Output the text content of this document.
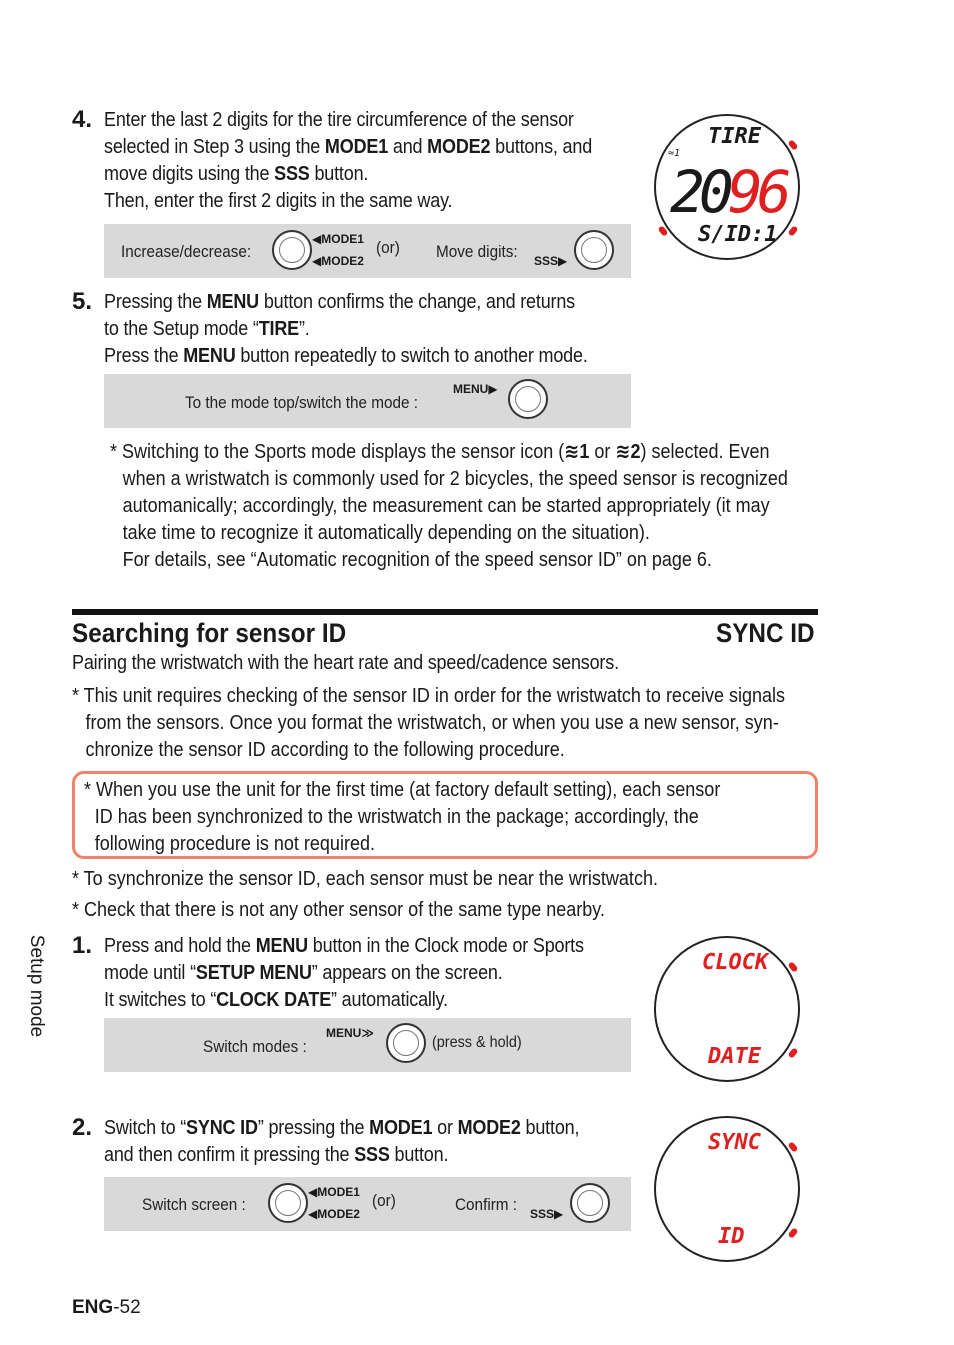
4. Enter the last 2 digits for the tire circumference of the sensor
selected in Step 3 using the MODE1 and MODE2 buttons, and
move digits using the SSS button.
Then, enter the first 2 digits in the same way.
Increase/decrease:
◀MODE1
◀MODE2
(or) Move digits: SSS▶
TIRE
≈1
2096
S/ID:1
5. Pressing the MENU button confirms the change, and returns
to the Setup mode “TIRE”.
Press the MENU button repeatedly to switch to another mode.
To the mode top/switch the mode :
MENU▶
* Switching to the Sports mode displays the sensor icon (≋1 or ≋2) selected. Even
when a wristwatch is commonly used for 2 bicycles, the speed sensor is recognized
automanically; accordingly, the measurement can be started appropriately (it may
take time to recognize it automatically depending on the situation).
For details, see “Automatic recognition of the speed sensor ID” on page 6.
Searching for sensor ID	SYNC ID
Pairing the wristwatch with the heart rate and speed/cadence sensors.
* This unit requires checking of the sensor ID in order for the wristwatch to receive signals
from the sensors. Once you format the wristwatch, or when you use a new sensor, syn-
chronize the sensor ID according to the following procedure.
* When you use the unit for the first time (at factory default setting), each sensor
ID has been synchronized to the wristwatch in the package; accordingly, the
following procedure is not required.
* To synchronize the sensor ID, each sensor must be near the wristwatch.
* Check that there is not any other sensor of the same type nearby.
1. Press and hold the MENU button in the Clock mode or Sports
mode until “SETUP MENU” appears on the screen.
It switches to “CLOCK DATE” automatically.
Switch modes :
MENU≫
(press & hold)
CLOCK
DATE
2. Switch to “SYNC ID” pressing the MODE1 or MODE2 button,
and then confirm it pressing the SSS button.
Switch screen :
◀MODE1
◀MODE2
(or)	Confirm : SSS▶
SYNC
ID
Setup mode
ENG-52
